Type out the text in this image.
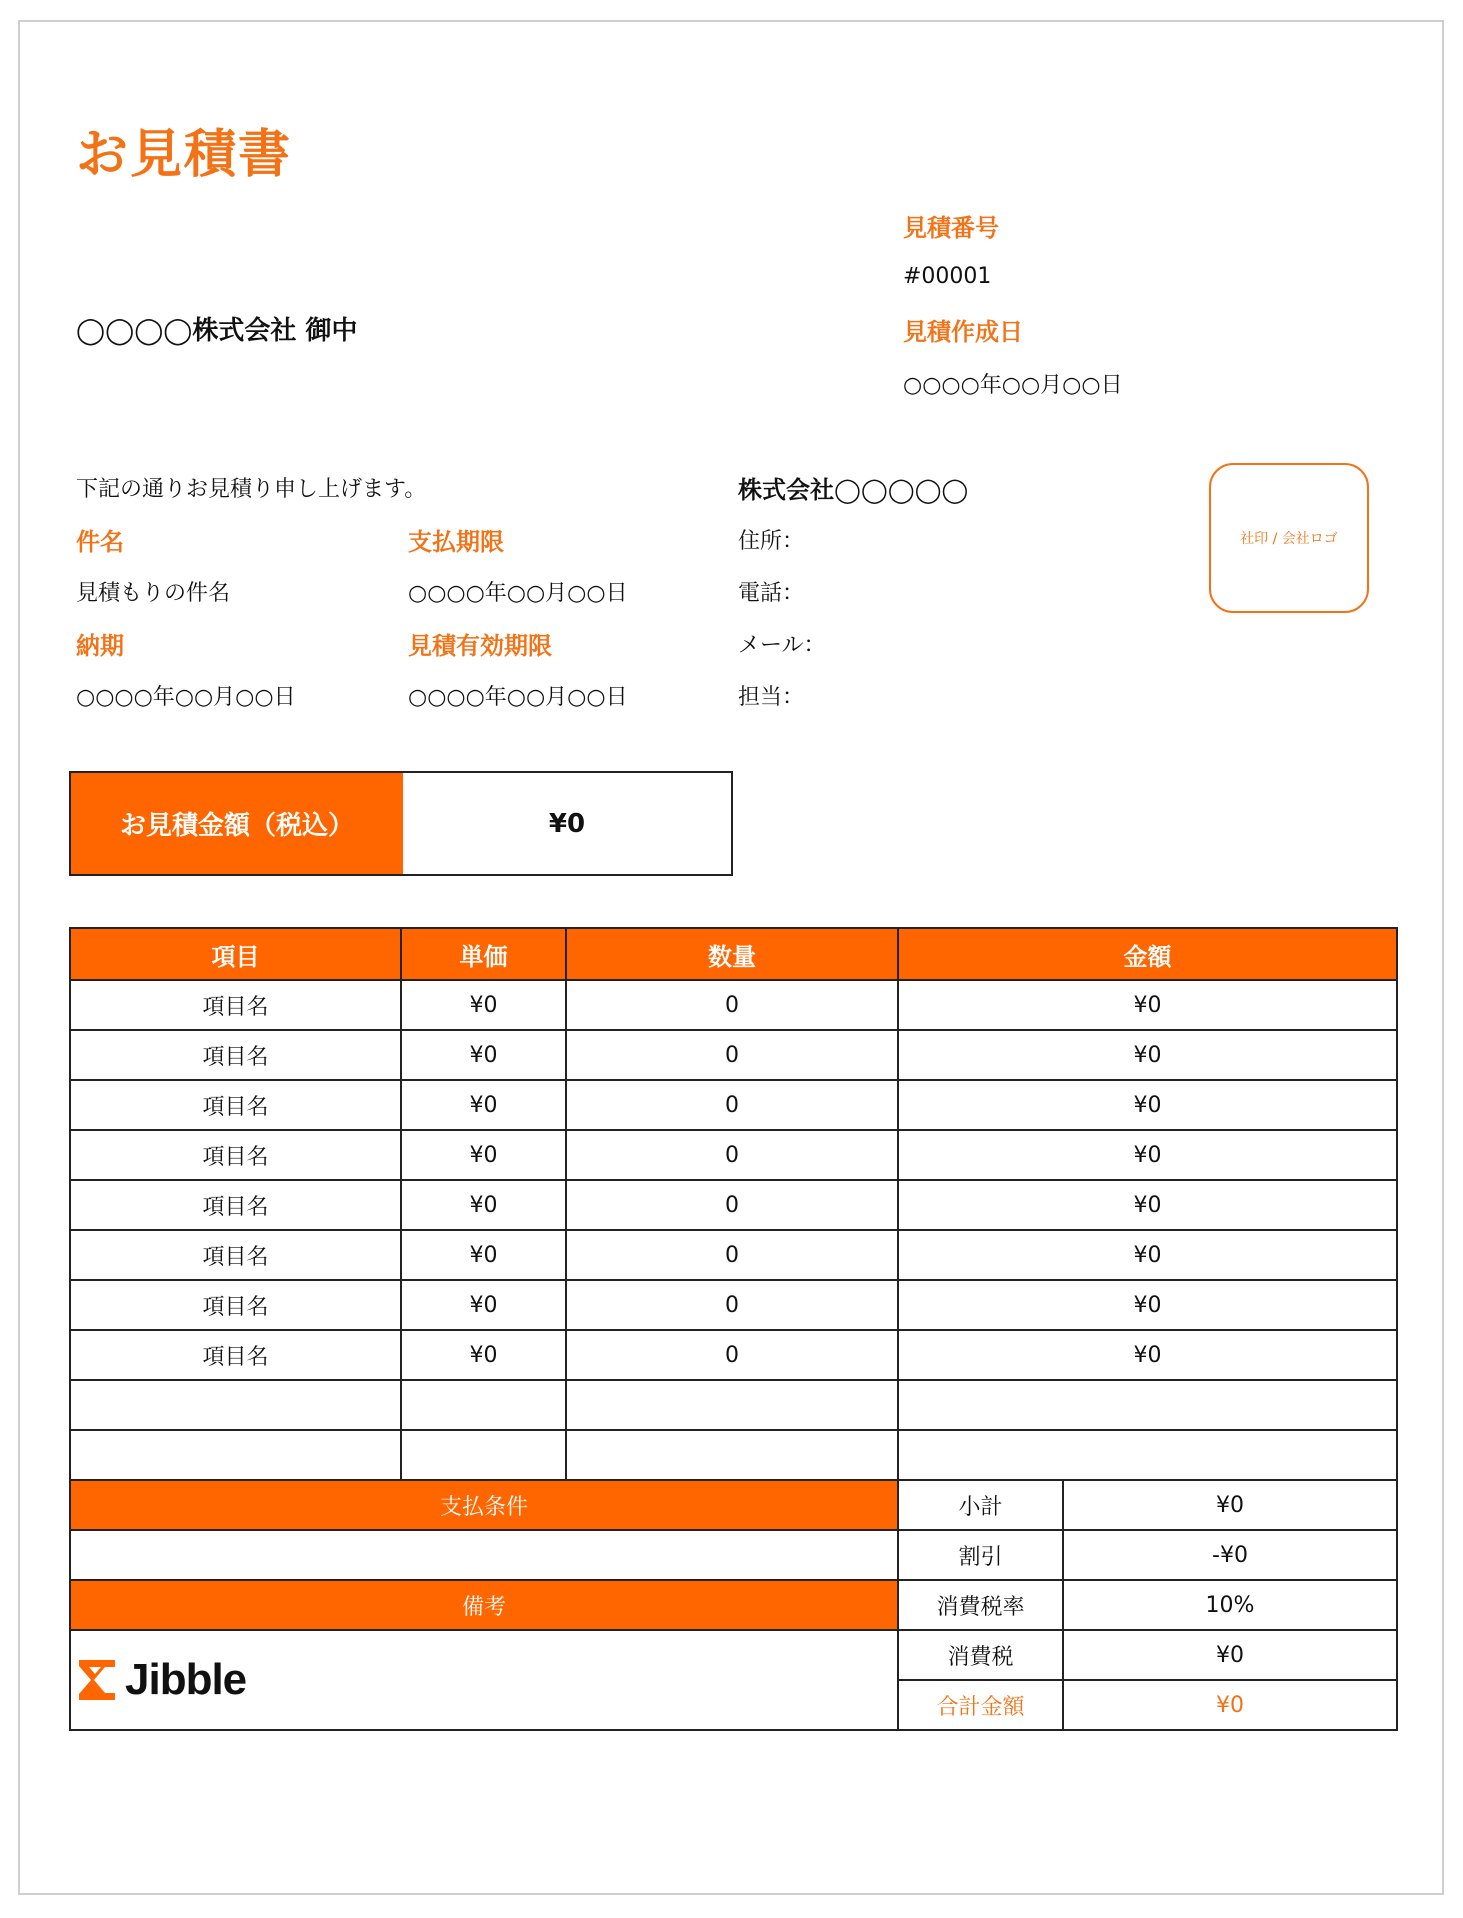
お見積書
見積番号
#00001
見積作成日
○○○○年○○月○○日
◯◯◯◯株式会社 御中
下記の通りお見積り申し上げます。
件名
見積もりの件名
納期
○○○○年○○月○○日
支払期限
○○○○年○○月○○日
見積有効期限
○○○○年○○月○○日
株式会社◯◯◯◯◯
住所：
電話：
メール：
担当：
社印 / 会社ロゴ
お見積金額（税込）	¥0
項目	単価	数量	金額	
項目名	¥0	0	¥0	
項目名	¥0	0	¥0	
項目名	¥0	0	¥0	
項目名	¥0	0	¥0	
項目名	¥0	0	¥0	
項目名	¥0	0	¥0	
項目名	¥0	0	¥0	
項目名	¥0	0	¥0	

支払条件			小計	¥0
			割引	-¥0
備考			消費税率	10%

Jibble			消費税	¥0
			合計金額	¥0
